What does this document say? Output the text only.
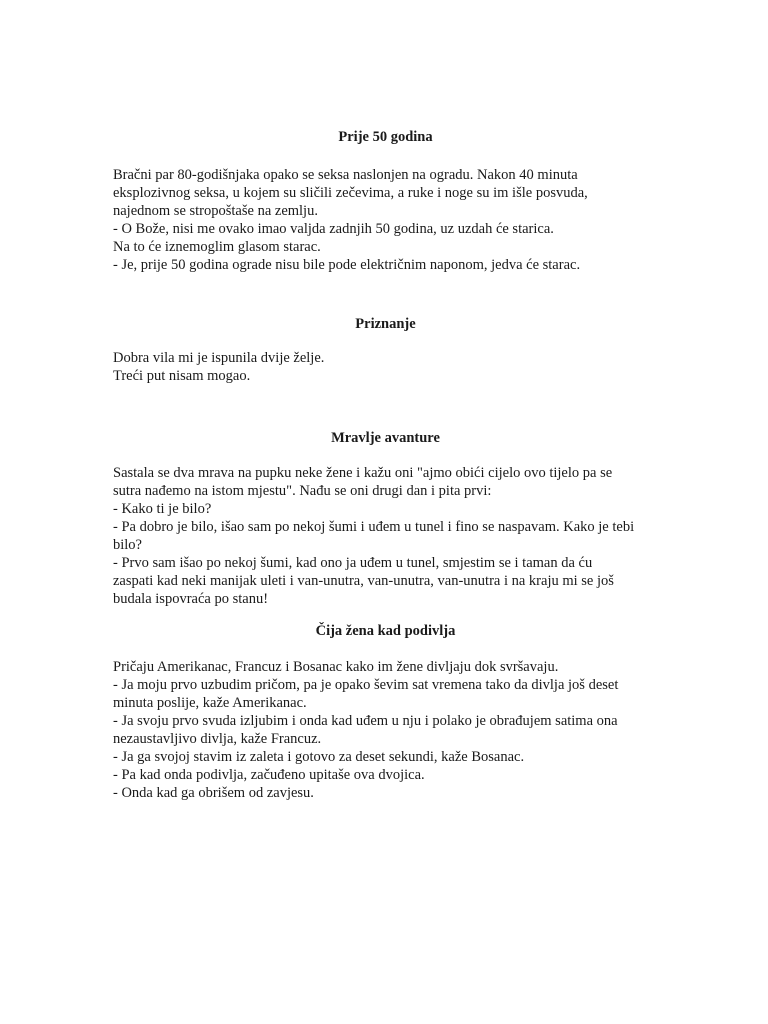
Prije 50 godina
Bračni par 80-godišnjaka opako se seksa naslonjen na ogradu. Nakon 40 minuta
eksplozivnog seksa, u kojem su sličili zečevima, a ruke i noge su im išle posvuda,
najednom se stropoštaše na zemlju.
- O Bože, nisi me ovako imao valjda zadnjih 50 godina, uz uzdah će starica.
Na to će iznemoglim glasom starac.
- Je, prije 50 godina ograde nisu bile pode električnim naponom, jedva će starac.
Priznanje
Dobra vila mi je ispunila dvije želje.
Treći put nisam mogao.
Mravlje avanture
Sastala se dva mrava na pupku neke žene i kažu oni "ajmo obići cijelo ovo tijelo pa se
sutra nađemo na istom mjestu". Nađu se oni drugi dan i pita prvi:
- Kako ti je bilo?
- Pa dobro je bilo, išao sam po nekoj šumi i uđem u tunel i fino se naspavam. Kako je tebi
bilo?
- Prvo sam išao po nekoj šumi, kad ono ja uđem u tunel, smjestim se i taman da ću
zaspati kad neki manijak uleti i van-unutra, van-unutra, van-unutra i na kraju mi se još
budala ispovraća po stanu!
Čija žena kad podivlja
Pričaju Amerikanac, Francuz i Bosanac kako im žene divljaju dok svršavaju.
- Ja moju prvo uzbudim pričom, pa je opako ševim sat vremena tako da divlja još deset
minuta poslije, kaže Amerikanac.
- Ja svoju prvo svuda izljubim i onda kad uđem u nju i polako je obrađujem satima ona
nezaustavljivo divlja, kaže Francuz.
- Ja ga svojoj stavim iz zaleta i gotovo za deset sekundi, kaže Bosanac.
- Pa kad onda podivlja, začuđeno upitaše ova dvojica.
- Onda kad ga obrišem od zavjesu.
